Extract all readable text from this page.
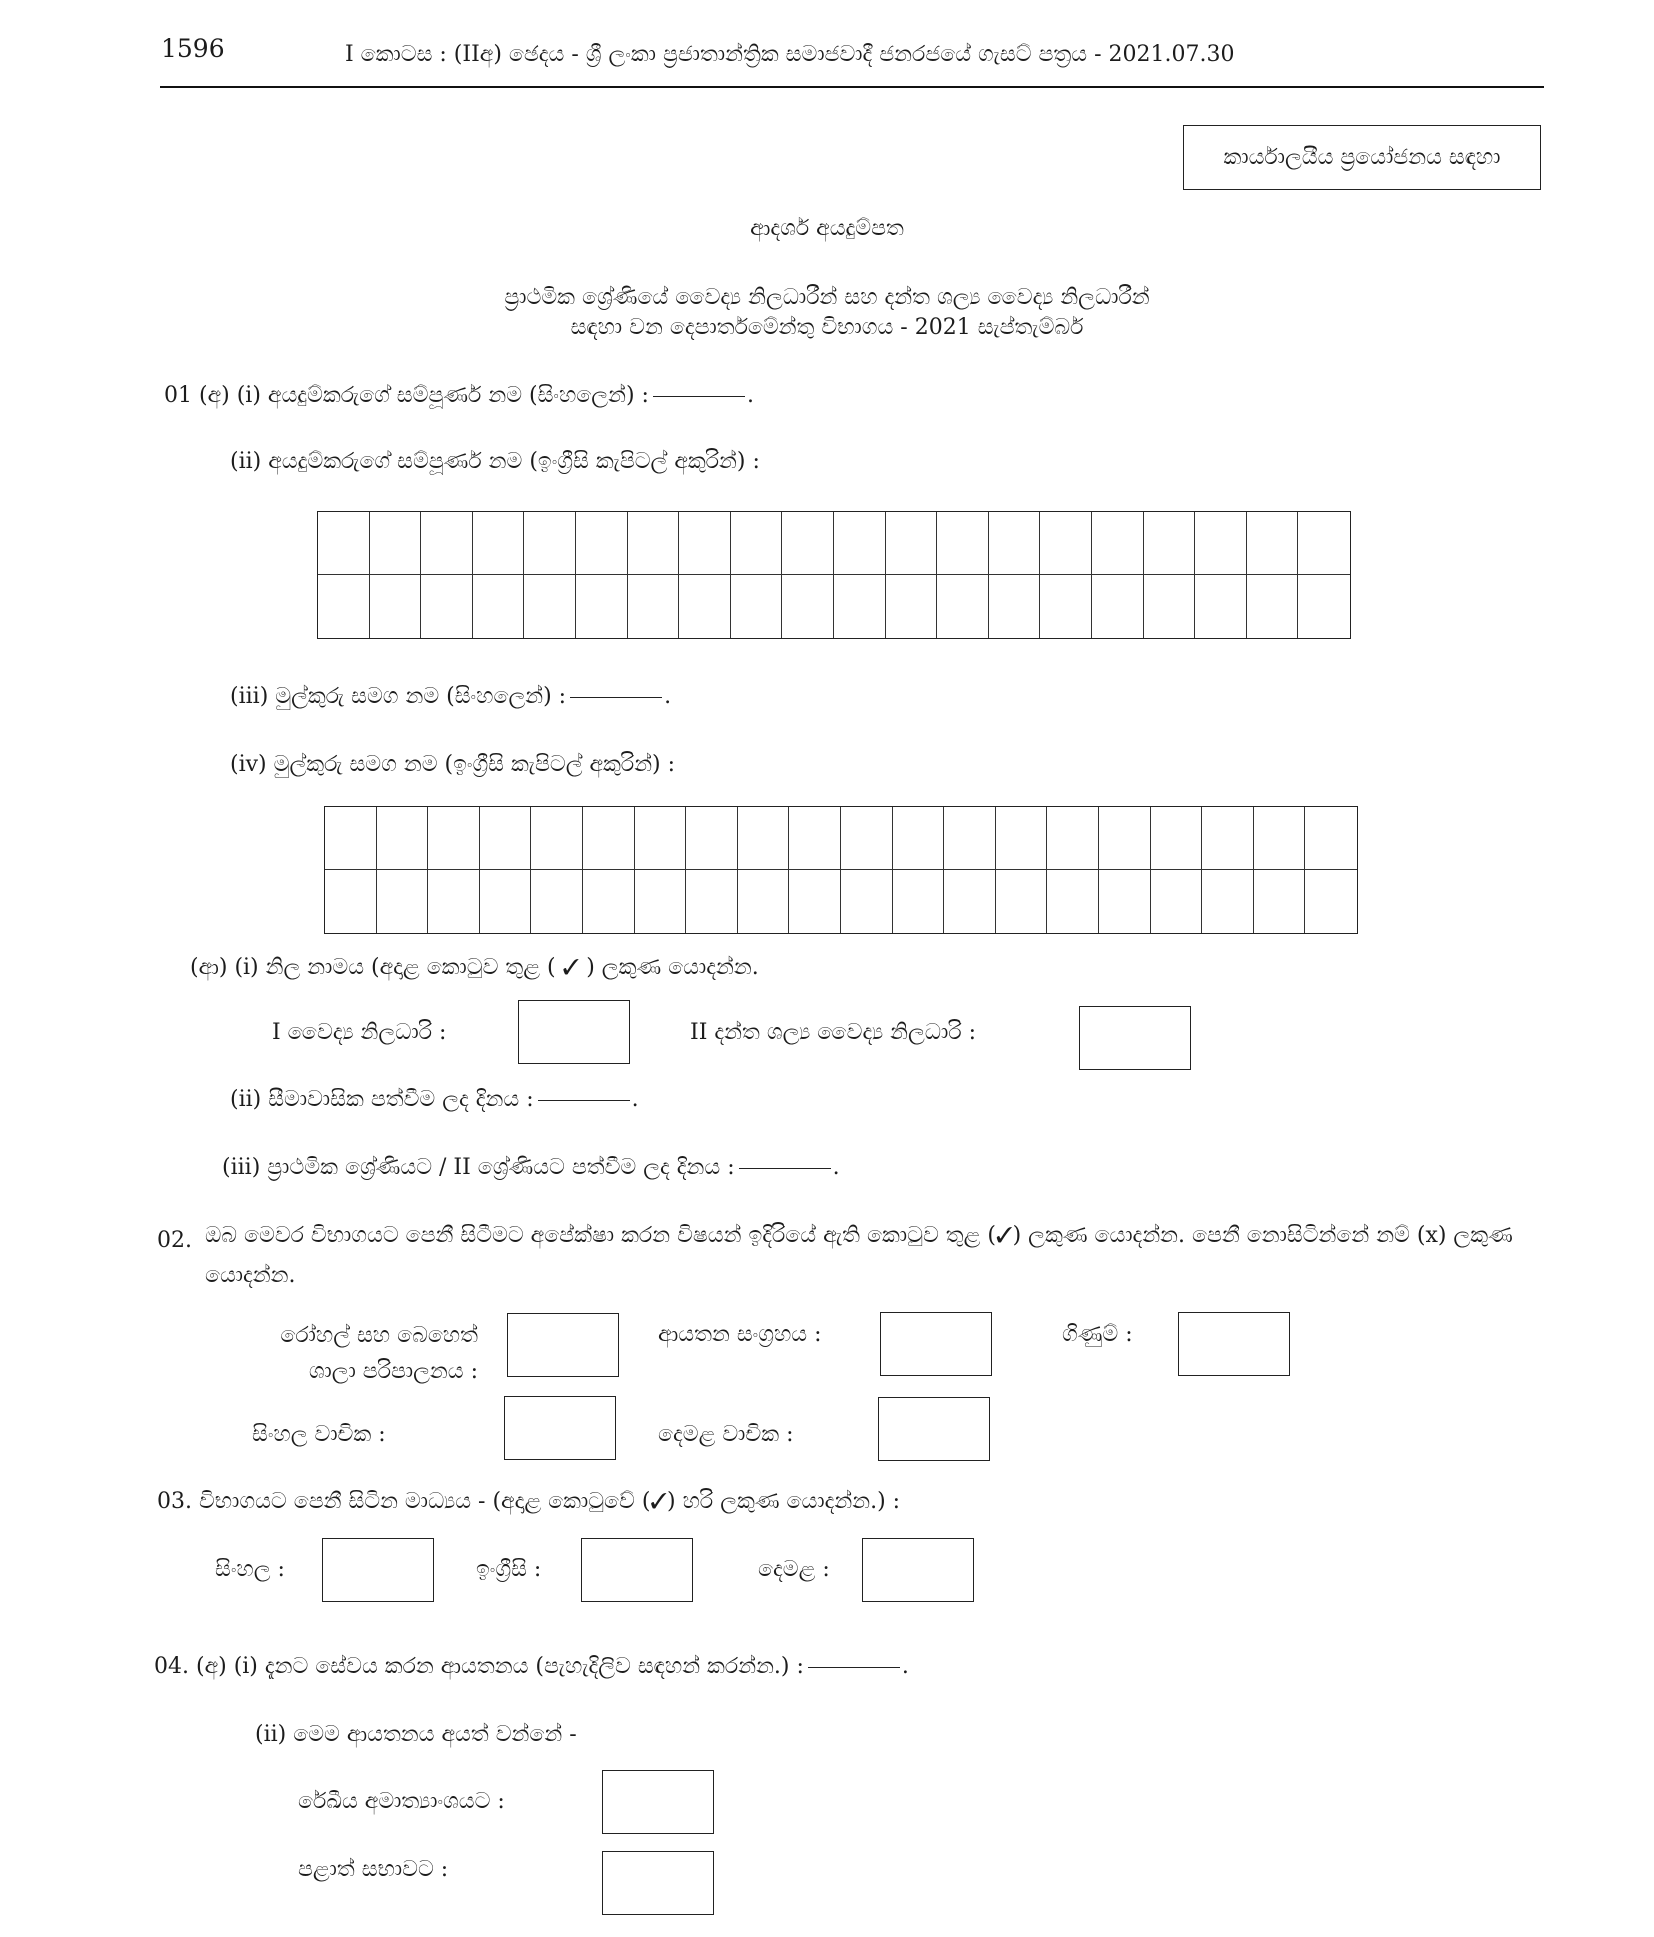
1596	I කොටස : (IIඅ) ඡෙදය - ශ්‍රී ලංකා ප්‍රජාතාන්ත්‍රික සමාජවාදී ජනරජයේ ගැසට් පත්‍රය - 2021.07.30
කාර්යාලයීය ප්‍රයෝජනය සඳහා
ආදර්ශ අයදුම්පත
ප්‍රාථමික ශ්‍රේණියේ වෛද්‍ය නිලධාරීන් සහ දන්ත ශල්‍ය වෛද්‍ය නිලධාරීන්
සඳහා වන දෙපාර්තමේන්තු විභාගය - 2021 සැප්තැම්බර්
01 (අ) (i) අයදුම්කරුගේ සම්පූර්ණ නම (සිංහලෙන්) :	.
(ii) අයදුම්කරුගේ සම්පූර්ණ නම (ඉංග්‍රීසි කැපිටල් අකුරින්) :
(iii) මුල්කුරු සමග නම (සිංහලෙන්) :	.
(iv) මුල්කුරු සමග නම (ඉංග්‍රීසි කැපිටල් අකුරින්) :
(ආ) (i) නිල නාමය (අදාළ කොටුව තුළ ( ✓ ) ලකුණ යොදන්න.
I වෛද්‍ය නිලධාරි :	II දන්ත ශල්‍ය වෛද්‍ය නිලධාරි :
(ii) සීමාවාසික පත්වීම ලද දිනය :	.
(iii) ප්‍රාථමික ශ්‍රේණියට / II ශ්‍රේණියට පත්වීම ලද දිනය :	.
02. ඔබ මෙවර විභාගයට පෙනී සිටීමට අපේක්ෂා කරන විෂයන් ඉදිරියේ ඇති කොටුව තුළ (✓) ලකුණ යොදන්න. පෙනී නොසිටින්නේ නම් (x) ලකුණ යොදන්න.
රෝහල් සහ බෙහෙත්
ශාලා පරිපාලනය :
ආයතන සංග්‍රහය :	ගිණුම් :
සිංහල වාචික :	දෙමළ වාචික :
03. විභාගයට පෙනී සිටින මාධ්‍යය - (අදාළ කොටුවේ (✓) හරි ලකුණ යොදන්න.) :
සිංහල :	ඉංග්‍රීසි :	දෙමළ :
04. (අ) (i) දැනට සේවය කරන ආයතනය (පැහැදිලිව සඳහන් කරන්න.) :	.
(ii) මෙම ආයතනය අයත් වන්නේ -
රේඛීය අමාත්‍යාංශයට :
පළාත් සභාවට :
